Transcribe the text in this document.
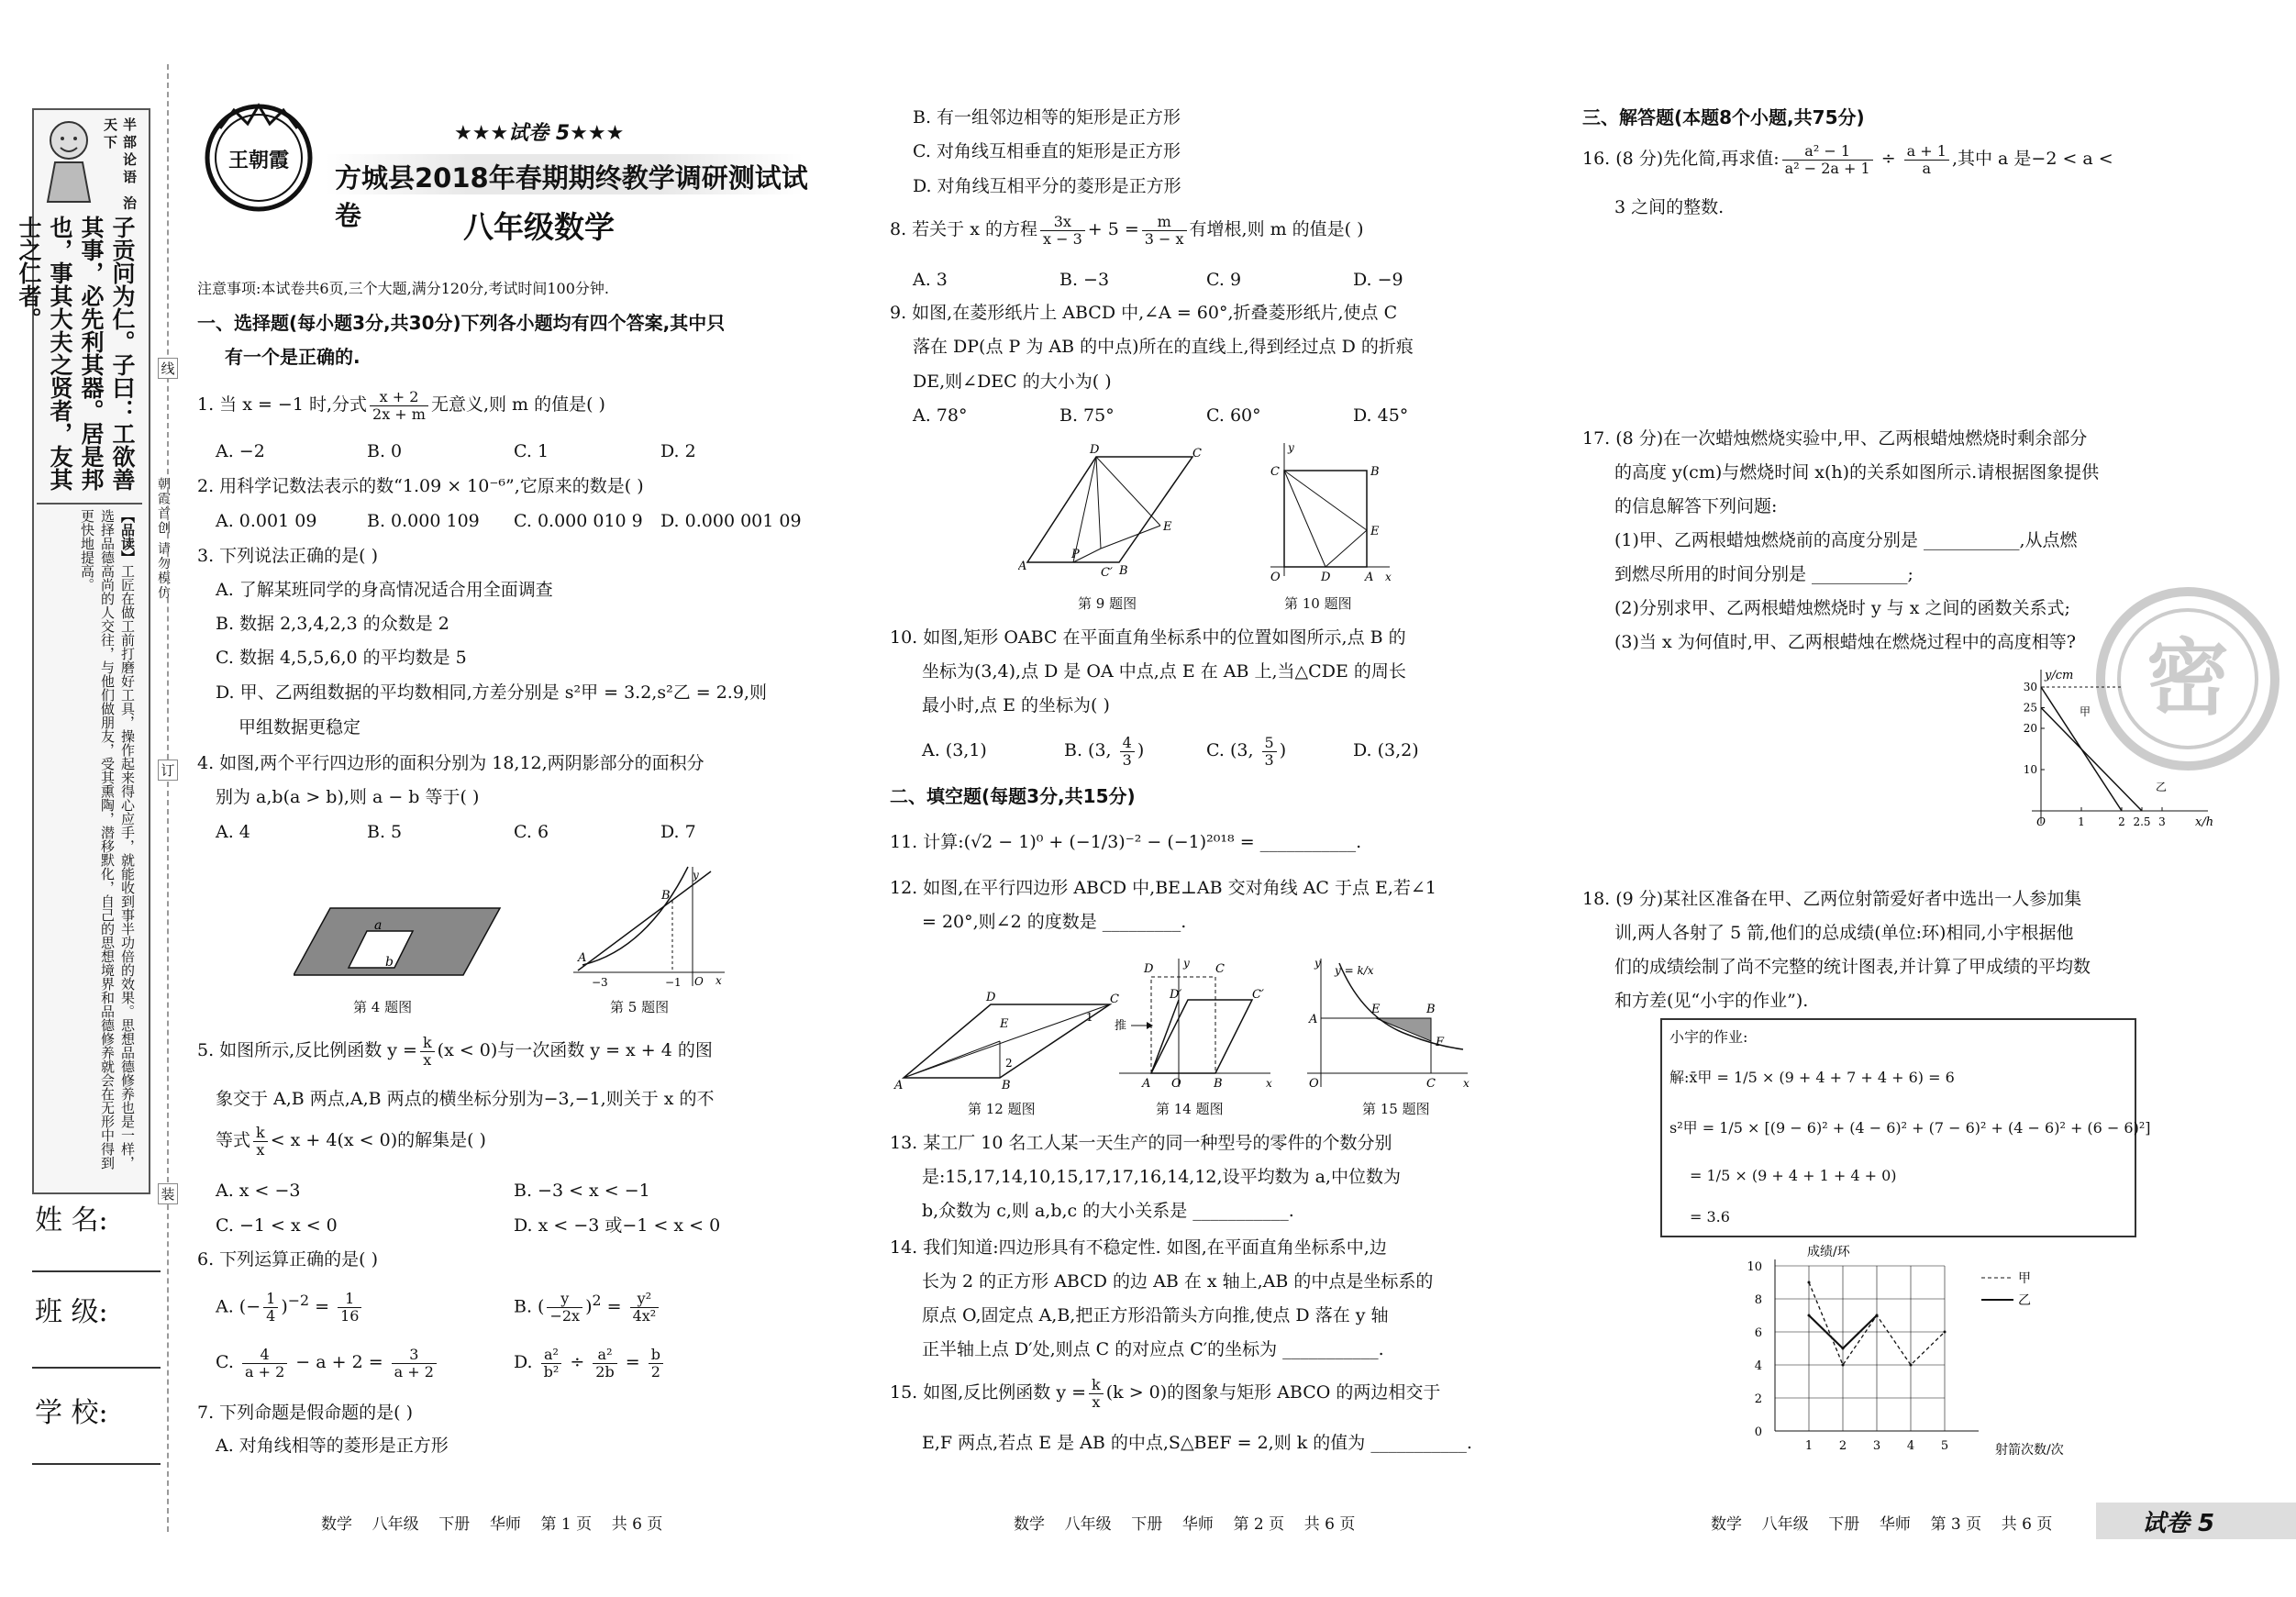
半部论语 治天下
子贡问为仁。子曰：工欲善其事，必先利其器。居是邦也，事其大夫之贤者，友其士之仁者。
【品读】工匠在做工前打磨好工具，操作起来得心应手，就能收到事半功倍的效果。思想品德修养也是一样，选择品德高尚的人交往，与他们做朋友，受其熏陶，潜移默化，自己的思想境界和品德修养就会在无形中得到更快地提高。	朝霞首创 请勿模仿
线
订
装
姓 名:
班 级:
学 校:
王朝霞
★★★试卷 5★★★
方城县2018年春期期终教学调研测试试卷	八年级数学
注意事项:本试卷共6页,三个大题,满分120分,考试时间100分钟.
一、选择题(每小题3分,共30分)下列各小题均有四个答案,其中只
有一个是正确的.
1. 当 x = −1 时,分式 $\frac{x + 2}{2x + m}$ 无意义,则 m 的值是( )
A. −2	B. 0	C. 1	D. 2
2. 用科学记数法表示的数“1.09 × 10⁻⁶”,它原来的数是( )
A. 0.001 09	B. 0.000 109 C. 0.000 010 9 D. 0.000 001 09
3. 下列说法正确的是( )
A. 了解某班同学的身高情况适合用全面调查
B. 数据 2,3,4,2,3 的众数是 2
C. 数据 4,5,5,6,0 的平均数是 5
D. 甲、乙两组数据的平均数相同,方差分别是 s²甲 = 3.2,s²乙 = 2.9,则
甲组数据更稳定
4. 如图,两个平行四边形的面积分别为 18,12,两阴影部分的面积分
别为 a,b(a > b),则 a − b 等于( )
A. 4	B. 5	C. 6	D. 7
a
b
第 4 题图
A
B
y
x
−3	−1 O
第 5 题图
5. 如图所示,反比例函数 $y = \frac{k}{x} (x < 0)$与一次函数 y = x + 4 的图
象交于 A,B 两点,A,B 两点的横坐标分别为−3,−1,则关于 x 的不
等式 $\frac{k}{x} < x + 4(x < 0)$的解集是( )
A. x < −3	B. −3 < x < −1
C. −1 < x < 0	D. x < −3 或−1 < x < 0
6. 下列运算正确的是( )
A. (− $\frac{1}{4} )^{-2} = \frac{1}{16}$	B. ( $\frac{y}{-2x} )^2 = \frac{\text{y²}}{\text{4x²}}$
C. $\frac{4}{a + 2} - a + 2 = \frac{3}{a + 2}$	D. $\frac{\text{a²}}{\text{b²}} \div \frac{\text{a²}}{2b} = \frac{b}{2}$
7. 下列命题是假命题的是( )
A. 对角线相等的菱形是正方形
数学    八年级    下册    华师    第 1 页    共 6 页
B. 有一组邻边相等的矩形是正方形
C. 对角线互相垂直的矩形是正方形
D. 对角线互相平分的菱形是正方形
8. 若关于 x 的方程 $\frac{3x}{x - 3} + 5 = \frac{m}{3 - x}$ 有增根,则 m 的值是( )
A. 3	B. −3	C. 9	D. −9
9. 如图,在菱形纸片上 ABCD 中,∠A = 60°,折叠菱形纸片,使点 C
落在 DP(点 P 为 AB 的中点)所在的直线上,得到经过点 D 的折痕
DE,则∠DEC 的大小为( )
A. 78°	B. 75°	C. 60°	D. 45°
A	B
C
D
E
P
C′
第 9 题图
C	B
E
D	A
O
y
x
第 10 题图
10. 如图,矩形 OABC 在平面直角坐标系中的位置如图所示,点 B 的
坐标为(3,4),点 D 是 OA 中点,点 E 在 AB 上,当△CDE 的周长
最小时,点 E 的坐标为( )
A. (3,1)	B. (3, $\frac{4}{3}$ )	C. (3, $\frac{5}{3}$ )	D. (3,2)
二、填空题(每题3分,共15分)
11. 计算:(√2 − 1)⁰ + (−1/3)⁻² − (−1)²⁰¹⁸ = ___________.
12. 如图,在平行四边形 ABCD 中,BE⊥AB 交对角线 AC 于点 E,若∠1
= 20°,则∠2 的度数是 _________.
A	B
C
D
E
2
1
第 12 题图
D	C
D′	C′
A O	B
y
x
推
第 14 题图
A
E	B
F
C
O
y
x
y = k/x
第 15 题图
13. 某工厂 10 名工人某一天生产的同一种型号的零件的个数分别
是:15,17,14,10,15,17,17,16,14,12,设平均数为 a,中位数为
b,众数为 c,则 a,b,c 的大小关系是 ___________.
14. 我们知道:四边形具有不稳定性. 如图,在平面直角坐标系中,边
长为 2 的正方形 ABCD 的边 AB 在 x 轴上,AB 的中点是坐标系的
原点 O,固定点 A,B,把正方形沿箭头方向推,使点 D 落在 y 轴
正半轴上点 D′处,则点 C 的对应点 C′的坐标为 ___________.
15. 如图,反比例函数 $y = \frac{k}{x} (k > 0)$的图象与矩形 ABCO 的两边相交于
E,F 两点,若点 E 是 AB 的中点,S△BEF = 2,则 k 的值为 ___________.
数学    八年级    下册    华师    第 2 页    共 6 页
密
三、解答题(本题8个小题,共75分)
16. (8 分)先化简,再求值: $\frac{\text{a² − 1}}{\text{a² − 2a + 1}} \div \frac{a + 1}{a}$ ,其中 a 是−2 < a <
3 之间的整数.
17. (8 分)在一次蜡烛燃烧实验中,甲、乙两根蜡烛燃烧时剩余部分
的高度 y(cm)与燃烧时间 x(h)的关系如图所示.请根据图象提供
的信息解答下列问题:
(1)甲、乙两根蜡烛燃烧前的高度分别是 ___________,从点燃
到燃尽所用的时间分别是 ___________;
(2)分别求甲、乙两根蜡烛燃烧时 y 与 x 之间的函数关系式;
(3)当 x 为何值时,甲、乙两根蜡烛在燃烧过程中的高度相等?
y/cm
x/h
甲
乙
O	1	2 2.5 3
10
20
25
30
18. (9 分)某社区准备在甲、乙两位射箭爱好者中选出一人参加集
训,两人各射了 5 箭,他们的总成绩(单位:环)相同,小宇根据他
们的成绩绘制了尚不完整的统计图表,并计算了甲成绩的平均数
和方差(见“小宇的作业”).
小宇的作业:
解:x̄甲 = 1/5 × (9 + 4 + 7 + 4 + 6) = 6
s²甲 = 1/5 × [(9 − 6)² + (4 − 6)² + (7 − 6)² + (4 − 6)² + (6 − 6)²]
= 1/5 × (9 + 4 + 1 + 4 + 0)
= 3.6
成绩/环
射箭次数/次
甲
乙
0
2
4
6
8
10
1 2 3 4 5
数学    八年级    下册    华师    第 3 页    共 6 页	试卷 5
